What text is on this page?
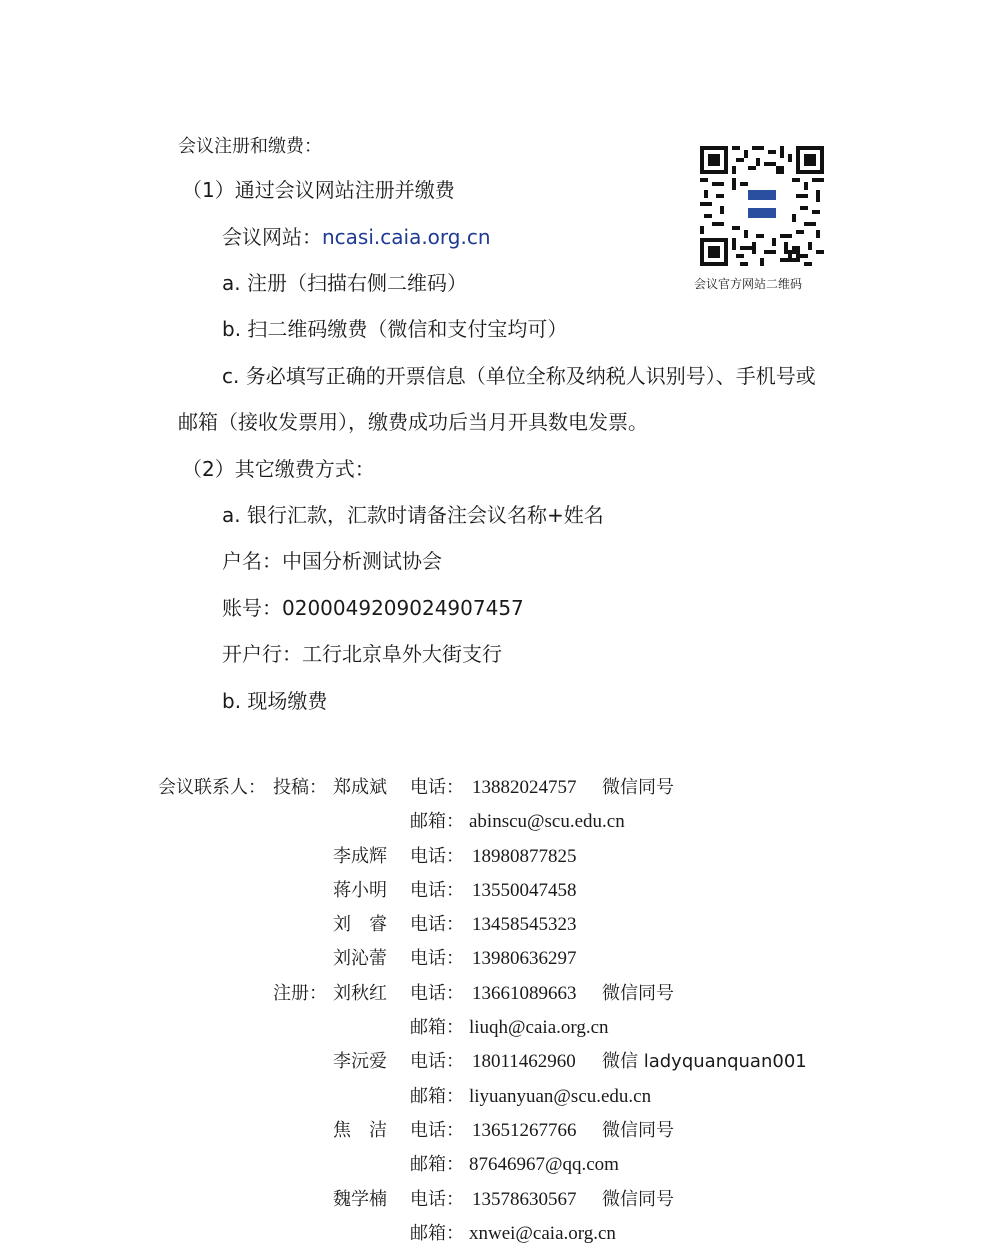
会议注册和缴费：
（1）通过会议网站注册并缴费
会议网站：ncasi.caia.org.cn
a. 注册（扫描右侧二维码）
b. 扫二维码缴费（微信和支付宝均可）
c. 务必填写正确的开票信息（单位全称及纳税人识别号）、手机号或
邮箱（接收发票用），缴费成功后当月开具数电发票。
（2）其它缴费方式：
a. 银行汇款，汇款时请备注会议名称+姓名
户名：中国分析测试协会
账号：0200049209024907457
开户行：工行北京阜外大街支行
b. 现场缴费
会议官方网站二维码
会议联系人： 投稿：
注册：
郑成斌 电话： 13882024757 微信同号
邮箱： abinscu@scu.edu.cn
李成辉 电话： 18980877825
蒋小明 电话： 13550047458
刘　睿 电话： 13458545323
刘沁蕾 电话： 13980636297
刘秋红 电话： 13661089663 微信同号
邮箱： liuqh@caia.org.cn
李沅爱 电话： 18011462960 微信 ladyquanquan001
邮箱： liyuanyuan@scu.edu.cn
焦　洁 电话： 13651267766 微信同号
邮箱： 87646967@qq.com
魏学楠 电话： 13578630567 微信同号
邮箱： xnwei@caia.org.cn
